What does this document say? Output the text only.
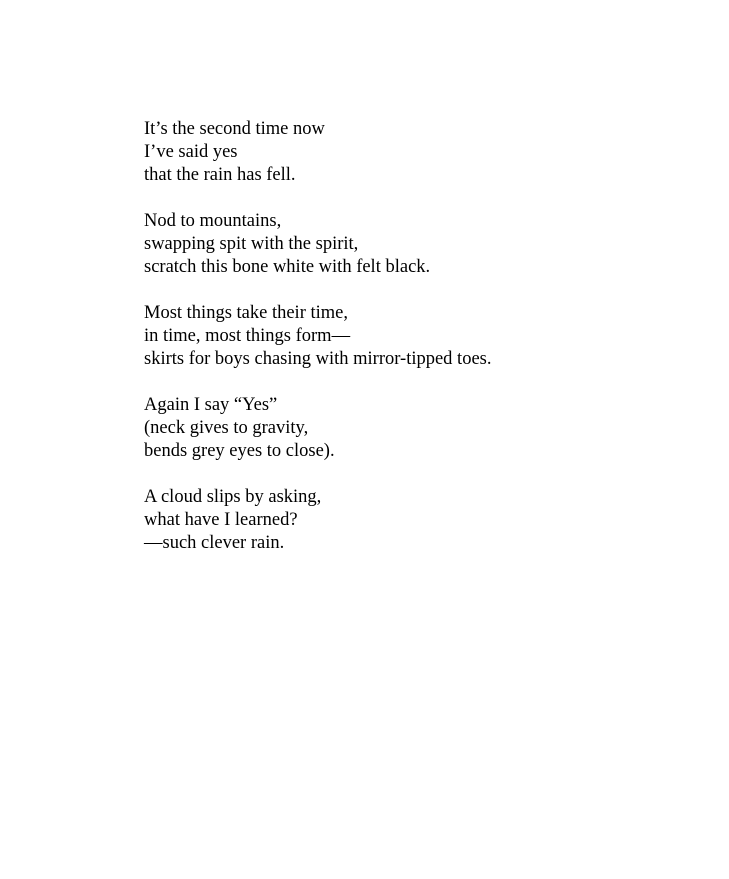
It’s the second time now
I’ve said yes
that the rain has fell.
Nod to mountains,
swapping spit with the spirit,
scratch this bone white with felt black.
Most things take their time,
in time, most things form—
skirts for boys chasing with mirror-tipped toes.
Again I say “Yes”
(neck gives to gravity,
bends grey eyes to close).
A cloud slips by asking,
what have I learned?
—such clever rain.
